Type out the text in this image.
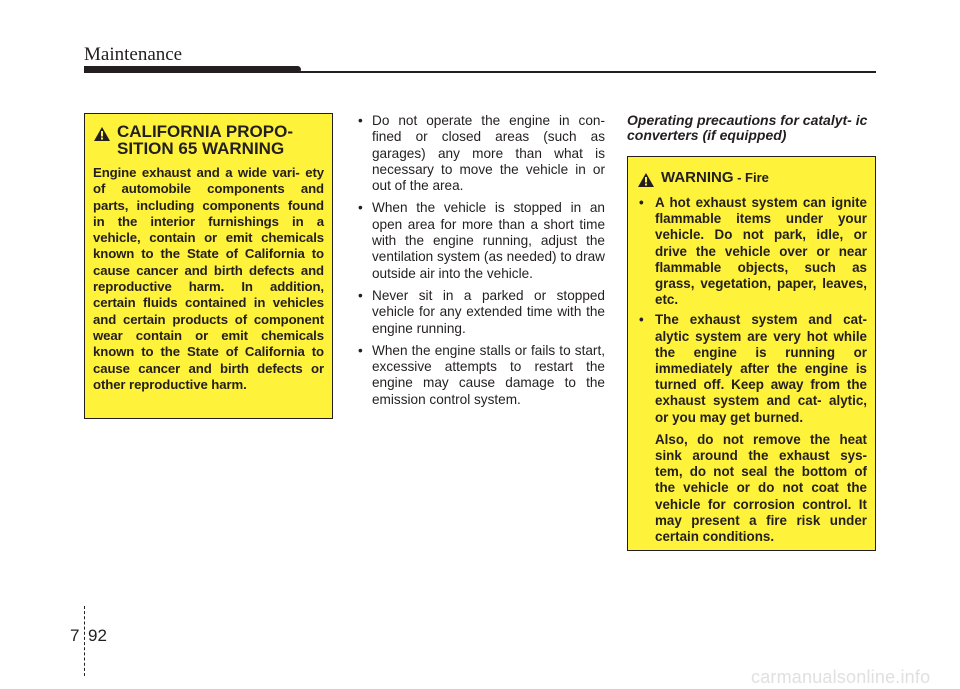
Maintenance
CALIFORNIA PROPO- SITION 65 WARNING
Engine exhaust and a wide vari- ety of automobile components and parts, including components found in the interior furnishings in a vehicle, contain or emit chemicals known to the State of California to cause cancer and birth defects and reproductive harm. In addition, certain fluids contained in vehicles and certain products of component wear contain or emit chemicals known to the State of California to cause cancer and birth defects or other reproductive harm.
• Do not operate the engine in con- fined or closed areas (such as garages) any more than what is necessary to move the vehicle in or out of the area.
• When the vehicle is stopped in an open area for more than a short time with the engine running, adjust the ventilation system (as needed) to draw outside air into the vehicle.
• Never sit in a parked or stopped vehicle for any extended time with the engine running.
• When the engine stalls or fails to start, excessive attempts to restart the engine may cause damage to the emission control system.
Operating precautions for catalyt- ic converters (if equipped)
WARNING - Fire
• A hot exhaust system can ignite flammable items under your vehicle. Do not park, idle, or drive the vehicle over or near flammable objects, such as grass, vegetation, paper, leaves, etc.
• The exhaust system and cat- alytic system are very hot while the engine is running or immediately after the engine is turned off. Keep away from the exhaust system and cat- alytic, or you may get burned.
Also, do not remove the heat sink around the exhaust sys- tem, do not seal the bottom of the vehicle or do not coat the vehicle for corrosion control. It may present a fire risk under certain conditions.
7 92
carmanualsonline.info
